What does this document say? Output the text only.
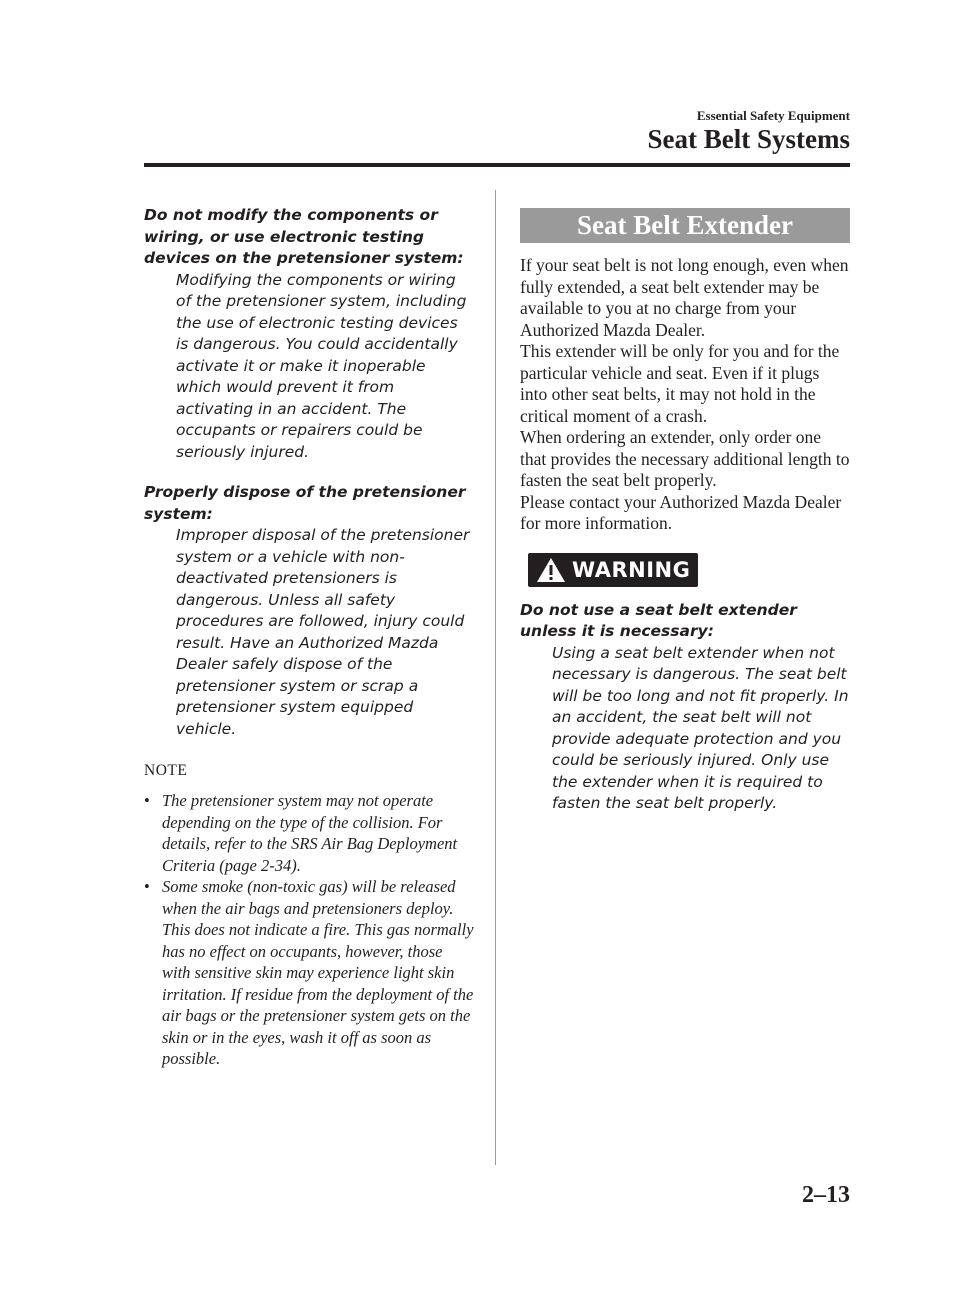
Essential Safety Equipment
Seat Belt Systems
Do not modify the components or wiring, or use electronic testing devices on the pretensioner system:
Modifying the components or wiring of the pretensioner system, including the use of electronic testing devices is dangerous. You could accidentally activate it or make it inoperable which would prevent it from activating in an accident. The occupants or repairers could be seriously injured.
Properly dispose of the pretensioner system:
Improper disposal of the pretensioner system or a vehicle with non-deactivated pretensioners is dangerous. Unless all safety procedures are followed, injury could result. Have an Authorized Mazda Dealer safely dispose of the pretensioner system or scrap a pretensioner system equipped vehicle.
NOTE
• The pretensioner system may not operate depending on the type of the collision. For details, refer to the SRS Air Bag Deployment Criteria (page 2-34).
• Some smoke (non-toxic gas) will be released when the air bags and pretensioners deploy. This does not indicate a fire. This gas normally has no effect on occupants, however, those with sensitive skin may experience light skin irritation. If residue from the deployment of the air bags or the pretensioner system gets on the skin or in the eyes, wash it off as soon as possible.
Seat Belt Extender
If your seat belt is not long enough, even when fully extended, a seat belt extender may be available to you at no charge from your Authorized Mazda Dealer.
This extender will be only for you and for the particular vehicle and seat. Even if it plugs into other seat belts, it may not hold in the critical moment of a crash.
When ordering an extender, only order one that provides the necessary additional length to fasten the seat belt properly.
Please contact your Authorized Mazda Dealer for more information.
WARNING
Do not use a seat belt extender unless it is necessary:
Using a seat belt extender when not necessary is dangerous. The seat belt will be too long and not fit properly. In an accident, the seat belt will not provide adequate protection and you could be seriously injured. Only use the extender when it is required to fasten the seat belt properly.
2–13
